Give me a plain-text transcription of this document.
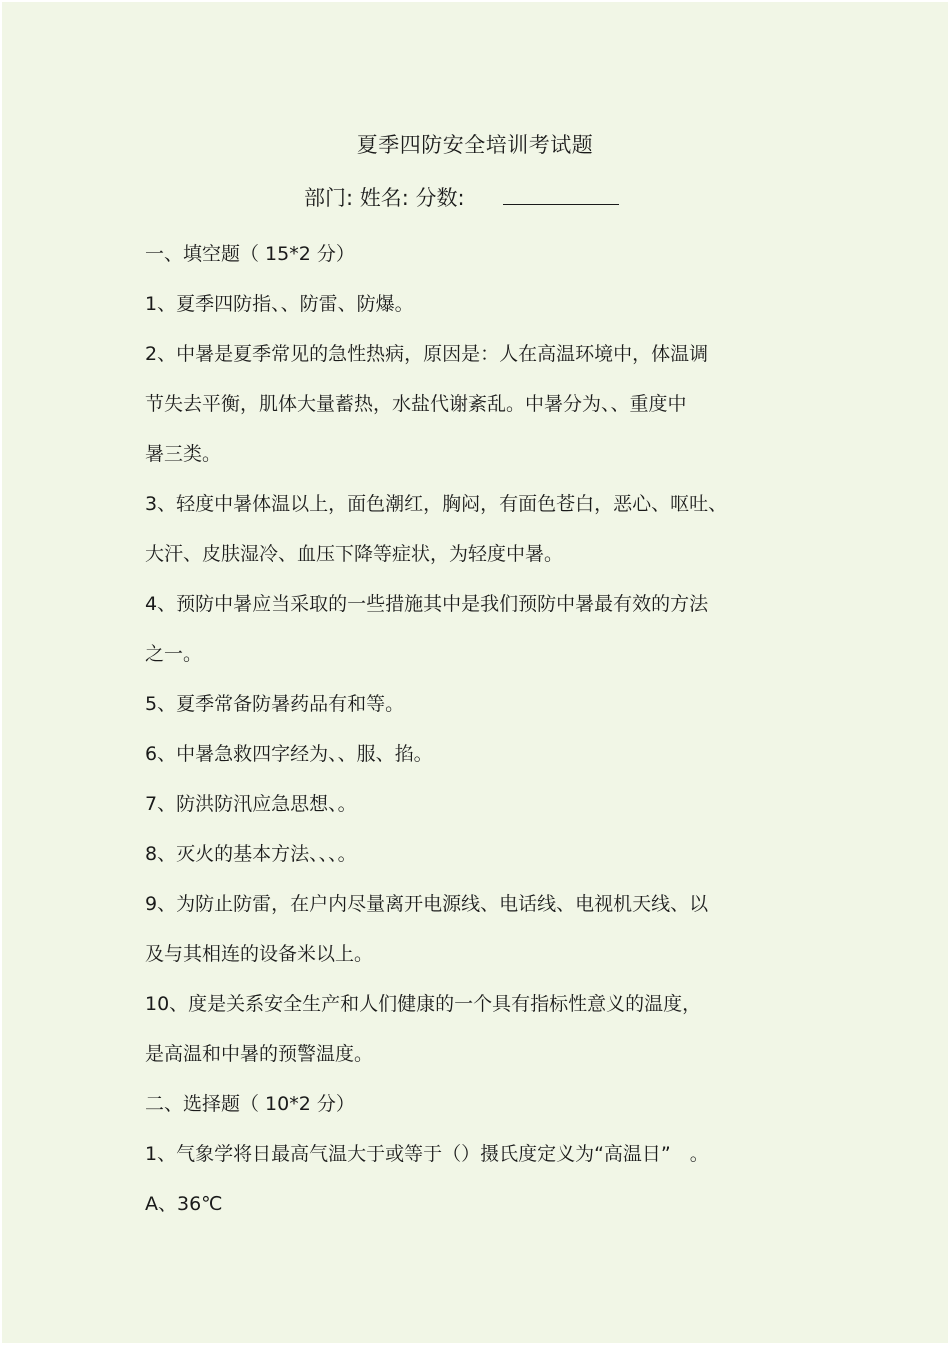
夏季四防安全培训考试题
部门: 姓名: 分数:
一、填空题（ 15*2 分）
1、夏季四防指、、防雷、防爆。
2、中暑是夏季常见的急性热病，原因是：人在高温环境中，体温调
节失去平衡，肌体大量蓄热，水盐代谢紊乱。中暑分为、、重度中
暑三类。
3、轻度中暑体温以上，面色潮红，胸闷，有面色苍白，恶心、呕吐、
大汗、皮肤湿冷、血压下降等症状，为轻度中暑。
4、预防中暑应当采取的一些措施其中是我们预防中暑最有效的方法
之一。
5、夏季常备防暑药品有和等。
6、中暑急救四字经为、、服、掐。
7、防洪防汛应急思想、。
8、灭火的基本方法、、、。
9、为防止防雷，在户内尽量离开电源线、电话线、电视机天线、以
及与其相连的设备米以上。
10、度是关系安全生产和人们健康的一个具有指标性意义的温度，
是高温和中暑的预警温度。
二、选择题（ 10*2 分）
1、气象学将日最高气温大于或等于（）摄氏度定义为“高温日”　。
A、36℃
